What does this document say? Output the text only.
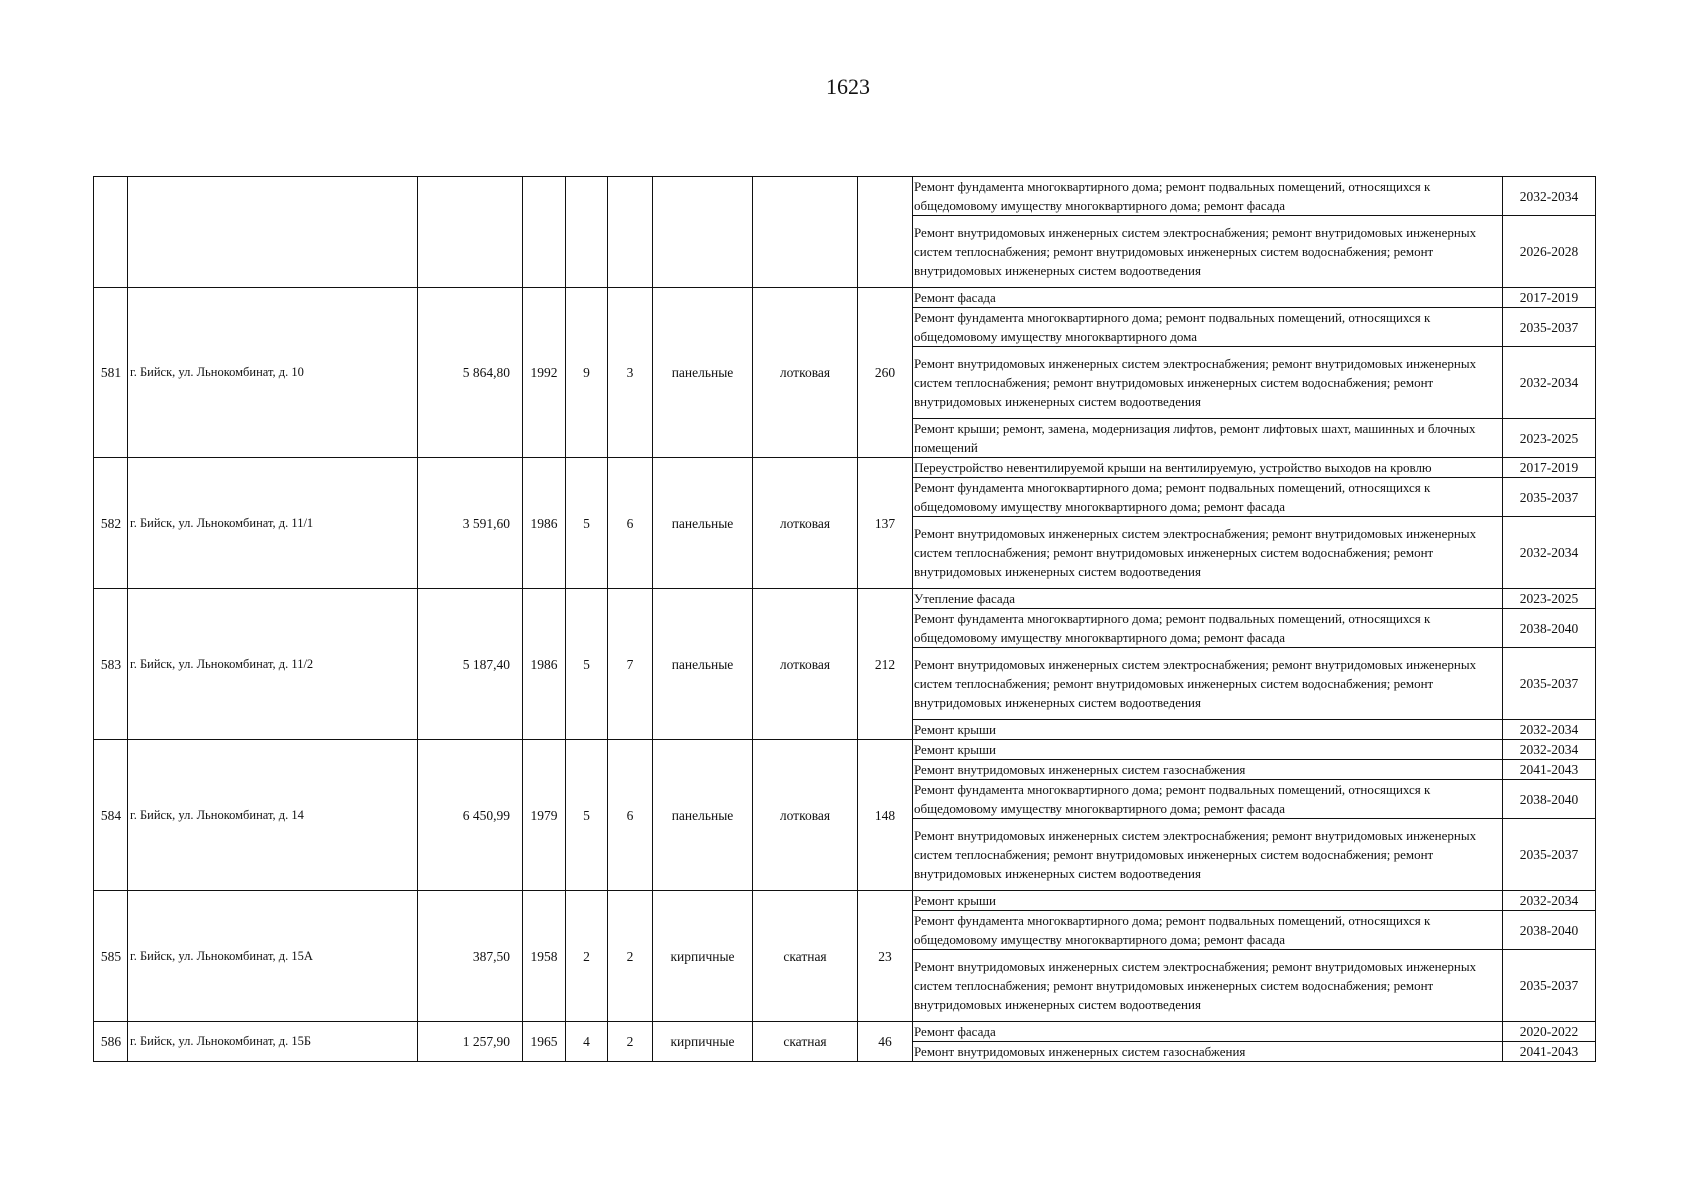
1623
									Ремонт фундамента многоквартирного дома; ремонт подвальных помещений, относящихся к общедомовому имуществу многоквартирного дома; ремонт фасада	2032-2034
									Ремонт внутридомовых инженерных систем электроснабжения; ремонт внутридомовых инженерных систем теплоснабжения; ремонт внутридомовых инженерных систем водоснабжения; ремонт внутридомовых инженерных систем водоотведения	2026-2028
581	г. Бийск, ул. Льнокомбинат, д. 10	5 864,80	1992	9	3	панельные	лотковая	260	Ремонт фасада	2017-2019
									Ремонт фундамента многоквартирного дома; ремонт подвальных помещений, относящихся к общедомовому имуществу многоквартирного дома	2035-2037
									Ремонт внутридомовых инженерных систем электроснабжения; ремонт внутридомовых инженерных систем теплоснабжения; ремонт внутридомовых инженерных систем водоснабжения; ремонт внутридомовых инженерных систем водоотведения	2032-2034
									Ремонт крыши; ремонт, замена, модернизация лифтов, ремонт лифтовых шахт, машинных и блочных помещений	2023-2025
582	г. Бийск, ул. Льнокомбинат, д. 11/1	3 591,60	1986	5	6	панельные	лотковая	137	Переустройство невентилируемой крыши на вентилируемую, устройство выходов на кровлю	2017-2019
									Ремонт фундамента многоквартирного дома; ремонт подвальных помещений, относящихся к общедомовому имуществу многоквартирного дома; ремонт фасада	2035-2037
									Ремонт внутридомовых инженерных систем электроснабжения; ремонт внутридомовых инженерных систем теплоснабжения; ремонт внутридомовых инженерных систем водоснабжения; ремонт внутридомовых инженерных систем водоотведения	2032-2034
583	г. Бийск, ул. Льнокомбинат, д. 11/2	5 187,40	1986	5	7	панельные	лотковая	212	Утепление фасада	2023-2025
									Ремонт фундамента многоквартирного дома; ремонт подвальных помещений, относящихся к общедомовому имуществу многоквартирного дома; ремонт фасада	2038-2040
									Ремонт внутридомовых инженерных систем электроснабжения; ремонт внутридомовых инженерных систем теплоснабжения; ремонт внутридомовых инженерных систем водоснабжения; ремонт внутридомовых инженерных систем водоотведения	2035-2037
									Ремонт крыши	2032-2034
584	г. Бийск, ул. Льнокомбинат, д. 14	6 450,99	1979	5	6	панельные	лотковая	148	Ремонт крыши	2032-2034
									Ремонт внутридомовых инженерных систем газоснабжения	2041-2043
									Ремонт фундамента многоквартирного дома; ремонт подвальных помещений, относящихся к общедомовому имуществу многоквартирного дома; ремонт фасада	2038-2040
									Ремонт внутридомовых инженерных систем электроснабжения; ремонт внутридомовых инженерных систем теплоснабжения; ремонт внутридомовых инженерных систем водоснабжения; ремонт внутридомовых инженерных систем водоотведения	2035-2037
585	г. Бийск, ул. Льнокомбинат, д. 15А	387,50	1958	2	2	кирпичные	скатная	23	Ремонт крыши	2032-2034
									Ремонт фундамента многоквартирного дома; ремонт подвальных помещений, относящихся к общедомовому имуществу многоквартирного дома; ремонт фасада	2038-2040
									Ремонт внутридомовых инженерных систем электроснабжения; ремонт внутридомовых инженерных систем теплоснабжения; ремонт внутридомовых инженерных систем водоснабжения; ремонт внутридомовых инженерных систем водоотведения	2035-2037
586	г. Бийск, ул. Льнокомбинат, д. 15Б	1 257,90	1965	4	2	кирпичные	скатная	46	Ремонт фасада	2020-2022
									Ремонт внутридомовых инженерных систем газоснабжения	2041-2043
